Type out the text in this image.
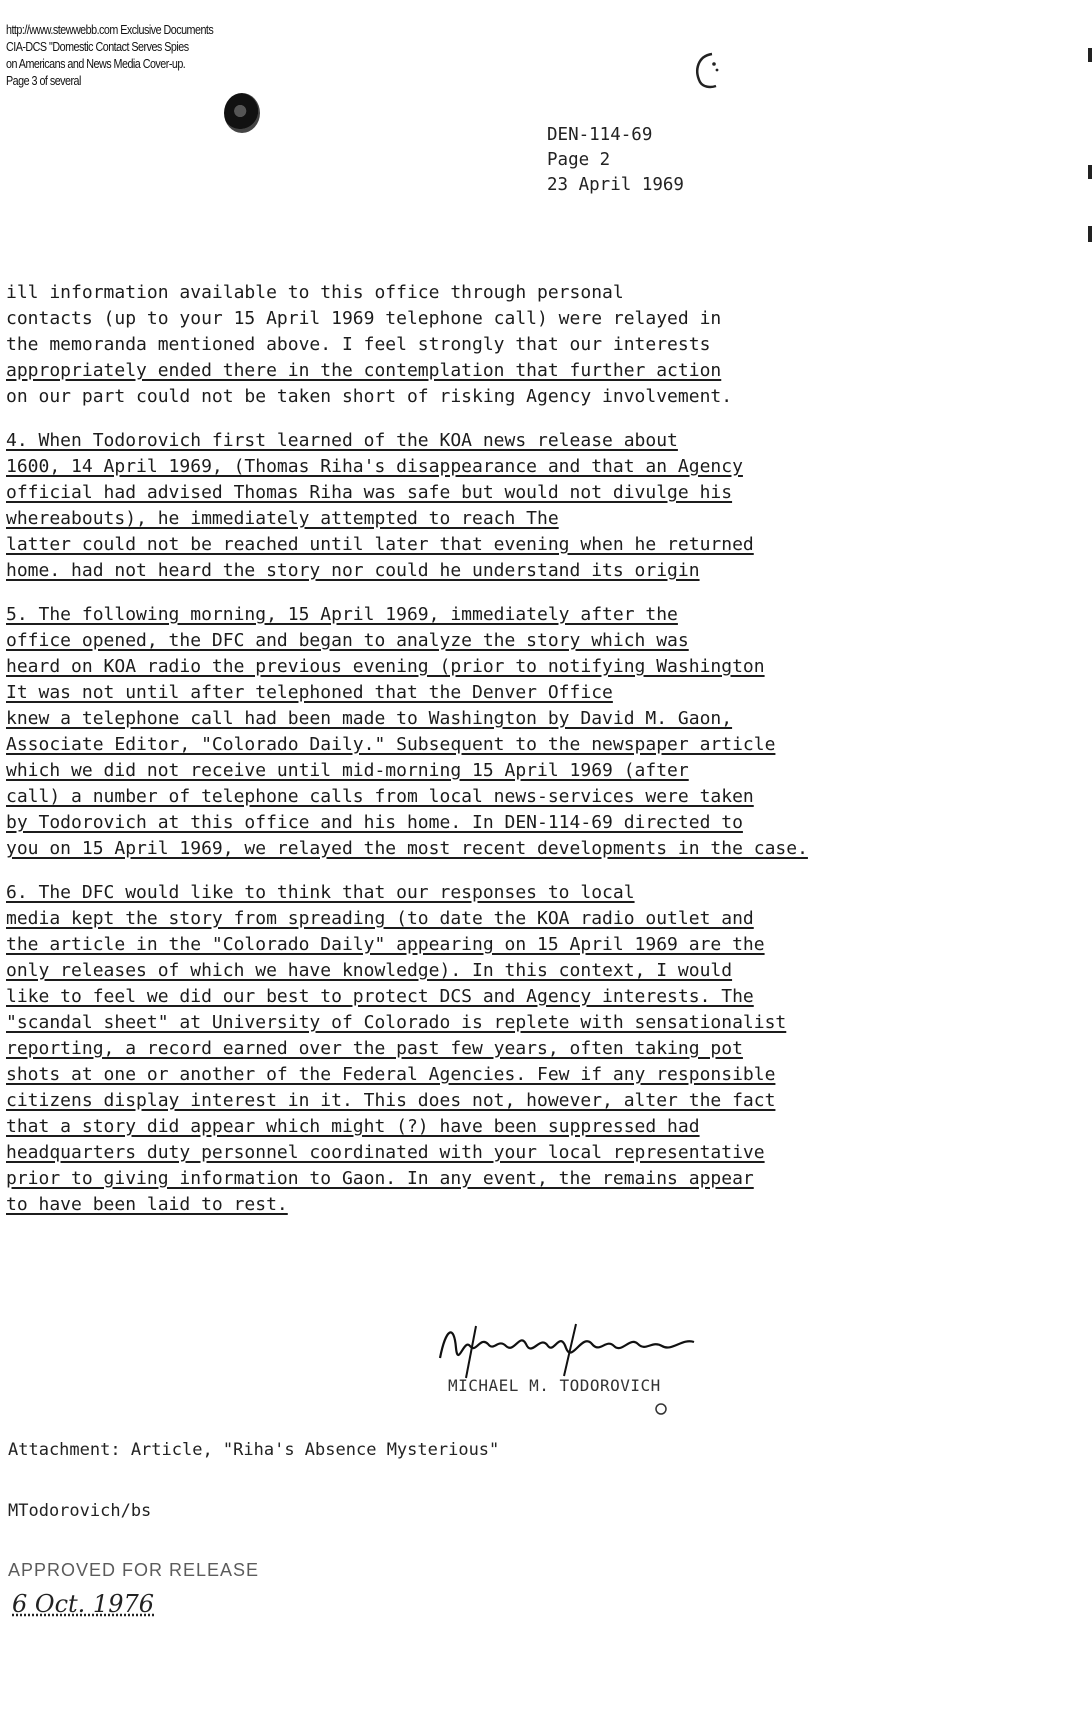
http://www.stewwebb.com Exclusive Documents
CIA-DCS "Domestic Contact Serves Spies
on Americans and News Media Cover-up.
Page 3 of several
DEN-114-69
Page 2
23 April 1969
ill information available to this office through personal
contacts (up to your 15 April 1969 telephone call) were relayed in
the memoranda mentioned above. I feel strongly that our interests
appropriately ended there in the contemplation that further action
on our part could not be taken short of risking Agency involvement.
4. When Todorovich first learned of the KOA news release about
1600, 14 April 1969, (Thomas Riha's disappearance and that an Agency
official had advised Thomas Riha was safe but would not divulge his
whereabouts), he immediately attempted to reach The
latter could not be reached until later that evening when he returned
home. had not heard the story nor could he understand its origin
5. The following morning, 15 April 1969, immediately after the
office opened, the DFC and began to analyze the story which was
heard on KOA radio the previous evening (prior to notifying Washington
It was not until after telephoned that the Denver Office
knew a telephone call had been made to Washington by David M. Gaon,
Associate Editor, "Colorado Daily." Subsequent to the newspaper article
which we did not receive until mid-morning 15 April 1969 (after
call) a number of telephone calls from local news-services were taken
by Todorovich at this office and his home. In DEN-114-69 directed to
you on 15 April 1969, we relayed the most recent developments in the case.
6. The DFC would like to think that our responses to local
media kept the story from spreading (to date the KOA radio outlet and
the article in the "Colorado Daily" appearing on 15 April 1969 are the
only releases of which we have knowledge). In this context, I would
like to feel we did our best to protect DCS and Agency interests. The
"scandal sheet" at University of Colorado is replete with sensationalist
reporting, a record earned over the past few years, often taking pot
shots at one or another of the Federal Agencies. Few if any responsible
citizens display interest in it. This does not, however, alter the fact
that a story did appear which might (?) have been suppressed had
headquarters duty personnel coordinated with your local representative
prior to giving information to Gaon. In any event, the remains appear
to have been laid to rest.
MICHAEL M. TODOROVICH
Attachment: Article, "Riha's Absence Mysterious"
MTodorovich/bs
APPROVED FOR RELEASE
6 Oct. 1976
